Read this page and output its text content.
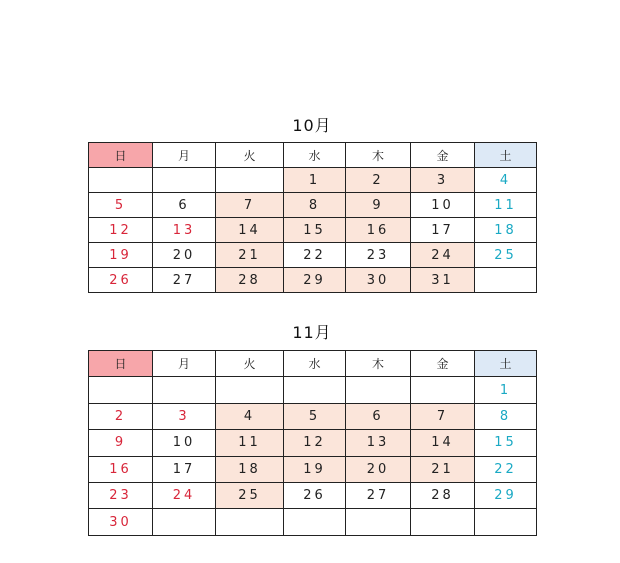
10月
日	月	火	水	木	金	土
			1	2	3	4
5	6	7	8	9	10	11
12	13	14	15	16	17	18
19	20	21	22	23	24	25
26	27	28	29	30	31	
11月
日	月	火	水	木	金	土
						1
2	3	4	5	6	7	8
9	10	11	12	13	14	15
16	17	18	19	20	21	22
23	24	25	26	27	28	29
30						
